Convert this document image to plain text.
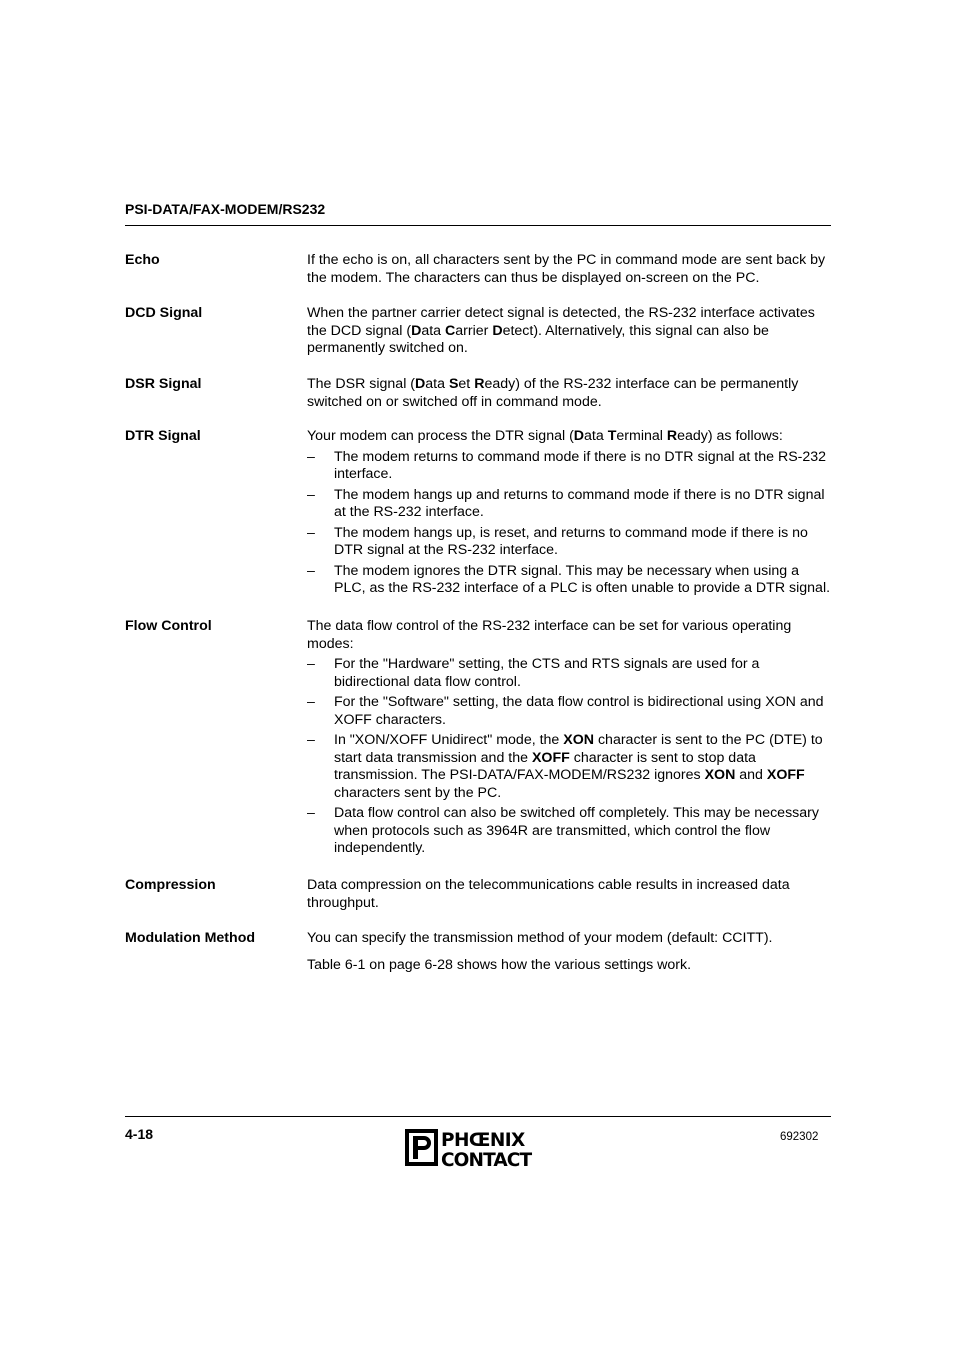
PSI-DATA/FAX-MODEM/RS232
Echo	If the echo is on, all characters sent by the PC in command mode are sent back by the modem. The characters can thus be displayed on-screen on the PC.

DCD Signal	When the partner carrier detect signal is detected, the RS-232 interface activates the DCD signal (Data Carrier Detect). Alternatively, this signal can also be permanently switched on.

DSR Signal	The DSR signal (Data Set Ready) of the RS-232 interface can be permanently switched on or switched off in command mode.

DTR Signal	Your modem can process the DTR signal (Data Terminal Ready) as follows:

– The modem returns to command mode if there is no DTR signal at the RS-232 interface.
– The modem hangs up and returns to command mode if there is no DTR signal at the RS-232 interface.
– The modem hangs up, is reset, and returns to command mode if there is no DTR signal at the RS-232 interface.
– The modem ignores the DTR signal. This may be necessary when using a PLC, as the RS-232 interface of a PLC is often unable to provide a DTR signal.
Flow Control	The data flow control of the RS-232 interface can be set for various operating modes:

– For the "Hardware" setting, the CTS and RTS signals are used for a bidirectional data flow control.
– For the "Software" setting, the data flow control is bidirectional using XON and XOFF characters.
– In "XON/XOFF Unidirect" mode, the XON character is sent to the PC (DTE) to start data transmission and the XOFF character is sent to stop data transmission. The PSI-DATA/FAX-MODEM/RS232 ignores XON and XOFF characters sent by the PC.
– Data flow control can also be switched off completely. This may be necessary when protocols such as 3964R are transmitted, which control the flow independently.
Compression	Data compression on the telecommunications cable results in increased data throughput.

Modulation Method	You can specify the transmission method of your modem (default: CCITT).

Table 6-1 on page 6-28 shows how the various settings work.

4-18	PHŒNIX
CONTACT
692302
